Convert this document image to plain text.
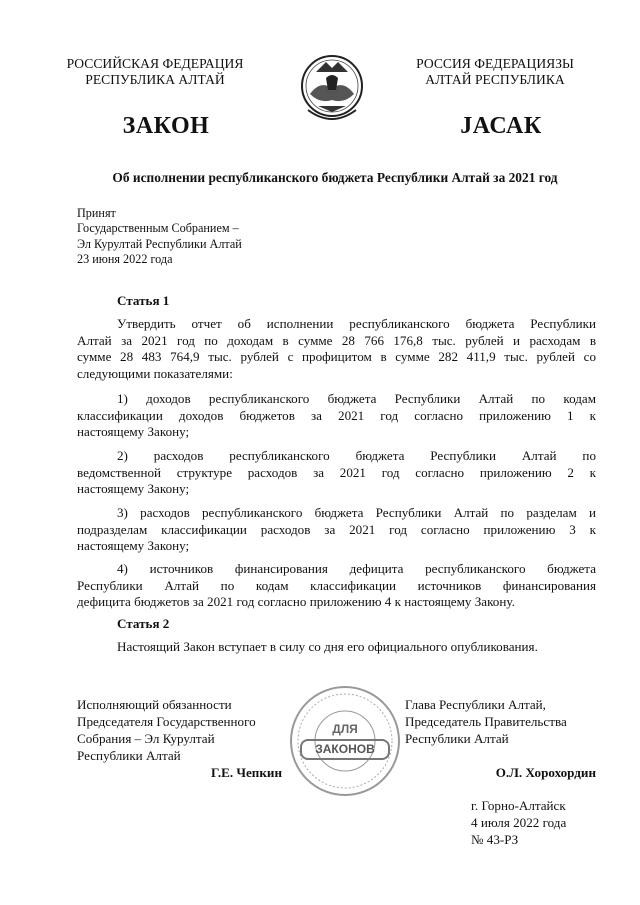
РОССИЙСКАЯ ФЕДЕРАЦИЯ
РЕСПУБЛИКА АЛТАЙ
РОССИЯ ФЕДЕРАЦИЯЗЫ
АЛТАЙ РЕСПУБЛИКА
ЗАКОН	ЈАСАК
Об исполнении республиканского бюджета Республики Алтай за 2021 год
Принят
Государственным Собранием –
Эл Курултай Республики Алтай
23 июня 2022 года
Статья 1
Утвердить отчет об исполнении республиканского бюджета Республики
Алтай за 2021 год по доходам в сумме 28 766 176,8 тыс. рублей и расходам в
сумме 28 483 764,9 тыс. рублей с профицитом в сумме 282 411,9 тыс. рублей со
следующими показателями:
1) доходов республиканского бюджета Республики Алтай по кодам
классификации доходов бюджетов за 2021 год согласно приложению 1 к
настоящему Закону;
2) расходов республиканского бюджета Республики Алтай по
ведомственной структуре расходов за 2021 год согласно приложению 2 к
настоящему Закону;
3) расходов республиканского бюджета Республики Алтай по разделам и
подразделам классификации расходов за 2021 год согласно приложению 3 к
настоящему Закону;
4) источников финансирования дефицита республиканского бюджета
Республики Алтай по кодам классификации источников финансирования
дефицита бюджетов за 2021 год согласно приложению 4 к настоящему Закону.
Статья 2
Настоящий Закон вступает в силу со дня его официального опубликования.
Исполняющий обязанности
Председателя Государственного
Собрания – Эл Курултай
Республики Алтай
Г.Е. Чепкин
Глава Республики Алтай,
Председатель Правительства
Республики Алтай
О.Л. Хорохордин
ДЛЯ
ЗАКОНОВ
г. Горно-Алтайск
4 июля 2022 года
№ 43-РЗ
